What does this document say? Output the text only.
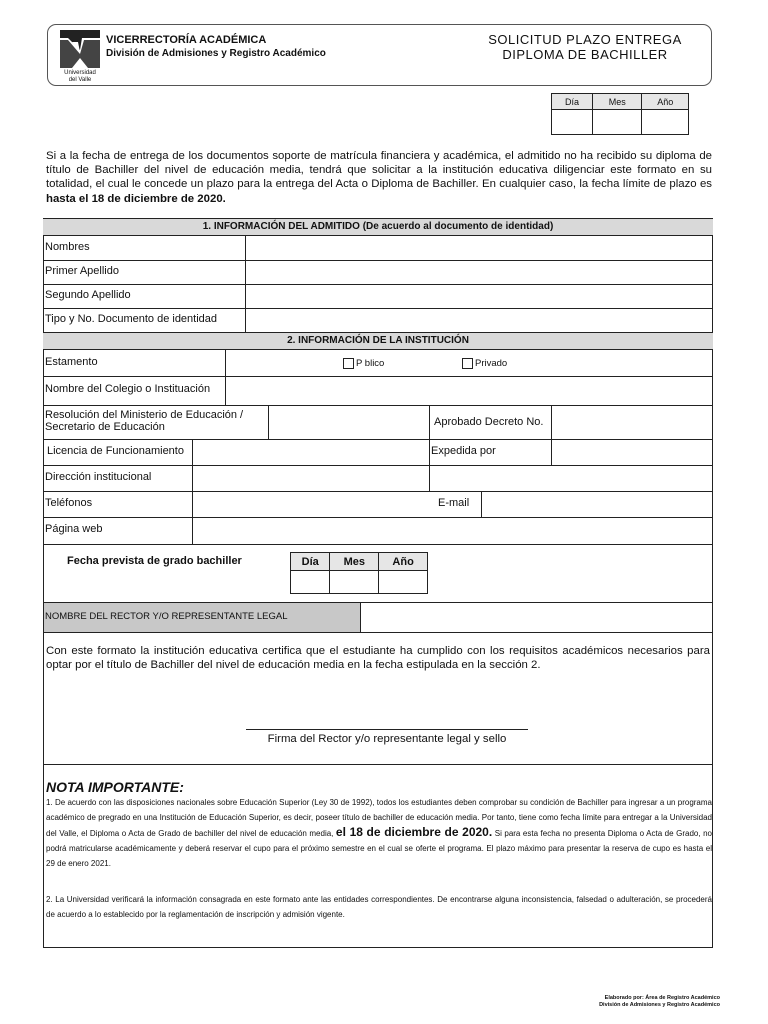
Universidad
del Valle
VICERRECTORÍA ACADÉMICA
División de Admisiones y Registro Académico
SOLICITUD PLAZO ENTREGA
DIPLOMA DE BACHILLER
Día	Mes	Año

Si a la fecha de entrega de los documentos soporte de matrícula financiera y académica, el admitido no ha recibido su diploma de título de Bachiller del nivel de educación media, tendrá que solicitar a la institución educativa diligenciar este formato en su totalidad, el cual le concede un plazo para la entrega del Acta o Diploma de Bachiller. En cualquier caso, la fecha límite de plazo es hasta el 18 de diciembre de 2020.
1. INFORMACIÓN DEL ADMITIDO (De acuerdo al documento de identidad)
Nombres
Primer Apellido
Segundo Apellido
Tipo y No. Documento de identidad
2. INFORMACIÓN DE LA INSTITUCIÓN
Estamento	P blico	Privado
Nombre del Colegio o Instituación
Resolución del Ministerio de Educación / Secretario de Educación	Aprobado Decreto No.
Licencia de Funcionamiento	Expedida por
Dirección institucional
Teléfonos	E-mail
Página web
Fecha prevista de grado bachiller	Día	Mes	Año

NOMBRE DEL RECTOR Y/O REPRESENTANTE LEGAL
Con este formato la institución educativa certifica que el estudiante ha cumplido con los requisitos académicos necesarios para optar por el título de Bachiller del nivel de educación media en la fecha estipulada en la sección 2.
Firma del Rector y/o representante legal y sello
NOTA IMPORTANTE:
1. De acuerdo con las disposiciones nacionales sobre Educación Superior (Ley 30 de 1992), todos los estudiantes deben comprobar su condición de Bachiller para ingresar a un programa académico de pregrado en una Institución de Educación Superior, es decir, poseer título de bachiller de educación media. Por tanto, tiene como fecha límite para entregar a la Universidad del Valle, el Diploma o Acta de Grado de bachiller del nivel de educación media, el 18 de diciembre de 2020. Si para esta fecha no presenta Diploma o Acta de Grado, no podrá matricularse académicamente y deberá reservar el cupo para el próximo semestre en el cual se oferte el programa. El plazo máximo para presentar la reserva de cupo es hasta el 29 de enero 2021.
2. La Universidad verificará la información consagrada en este formato ante las entidades correspondientes. De encontrarse alguna inconsistencia, falsedad o adulteración, se procederá de acuerdo a lo establecido por la reglamentación de inscripción y admisión vigente.
Elaborado por: Área de Registro Académico
División de Admisiones y Registro Académico
